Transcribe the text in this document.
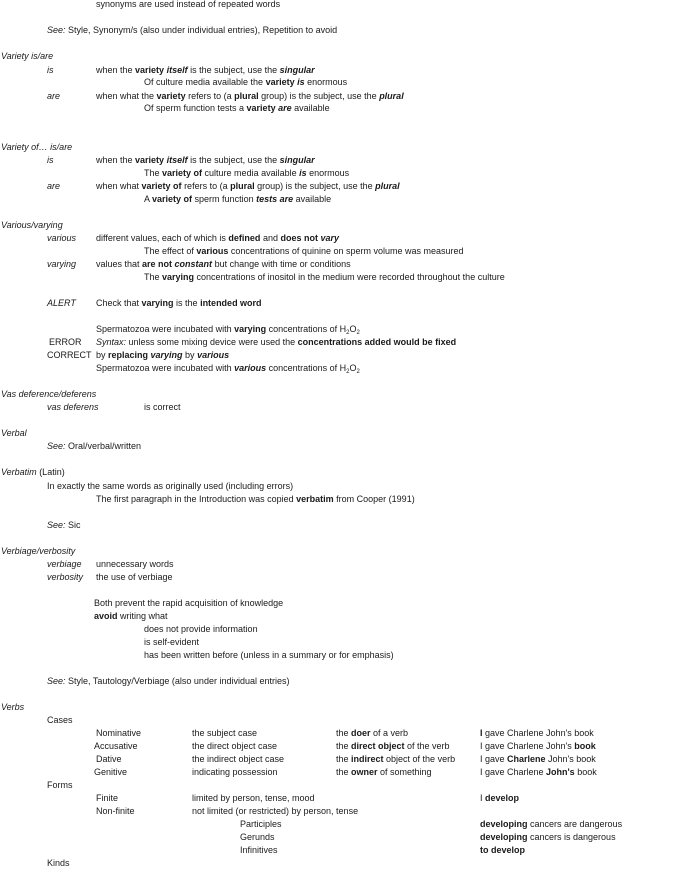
synonyms are used instead of repeated words
See: Style, Synonym/s (also under individual entries), Repetition to avoid
Variety is/are
is	when the variety itself is the subject, use the singular
Of culture media available the variety is enormous
are	when what the variety refers to (a plural group) is the subject, use the plural
Of sperm function tests a variety are available
Variety of… is/are
is	when the variety itself is the subject, use the singular
The variety of culture media available is enormous
are	when what variety of refers to (a plural group) is the subject, use the plural
A variety of sperm function tests are available
Various/varying
various different values, each of which is defined and does not vary
The effect of various concentrations of quinine on sperm volume was measured
varying values that are not constant but change with time or conditions
The varying concentrations of inositol in the medium were recorded throughout the culture
ALERT Check that varying is the intended word
Spermatozoa were incubated with varying concentrations of $H_2O_2$
ERROR Syntax: unless some mixing device were used the concentrations added would be fixed
CORRECT by replacing varying by various
Spermatozoa were incubated with various concentrations of $H_2O_2$
Vas deference/deferens
vas deferens	is correct
Verbal
See: Oral/verbal/written
Verbatim (Latin)
In exactly the same words as originally used (including errors)
The first paragraph in the Introduction was copied verbatim from Cooper (1991)
See: Sic
Verbiage/verbosity
verbiage unnecessary words
verbosity the use of verbiage
Both prevent the rapid acquisition of knowledge
avoid writing what
does not provide information
is self-evident
has been written before (unless in a summary or for emphasis)
See: Style, Tautology/Verbiage (also under individual entries)
Verbs
Cases
Nominative	the subject case	the doer of a verb	I gave Charlene John's book
Accusative	the direct object case	the direct object of the verb	I gave Charlene John's book
Dative	the indirect object case	the indirect object of the verb	I gave Charlene John's book
Genitive	indicating possession	the owner of something	I gave Charlene John's book
Forms
Finite	limited by person, tense, mood	I develop
Non-finite	not limited (or restricted) by person, tense
Participles	developing cancers are dangerous
Gerunds	developing cancers is dangerous
Infinitives	to develop
Kinds
